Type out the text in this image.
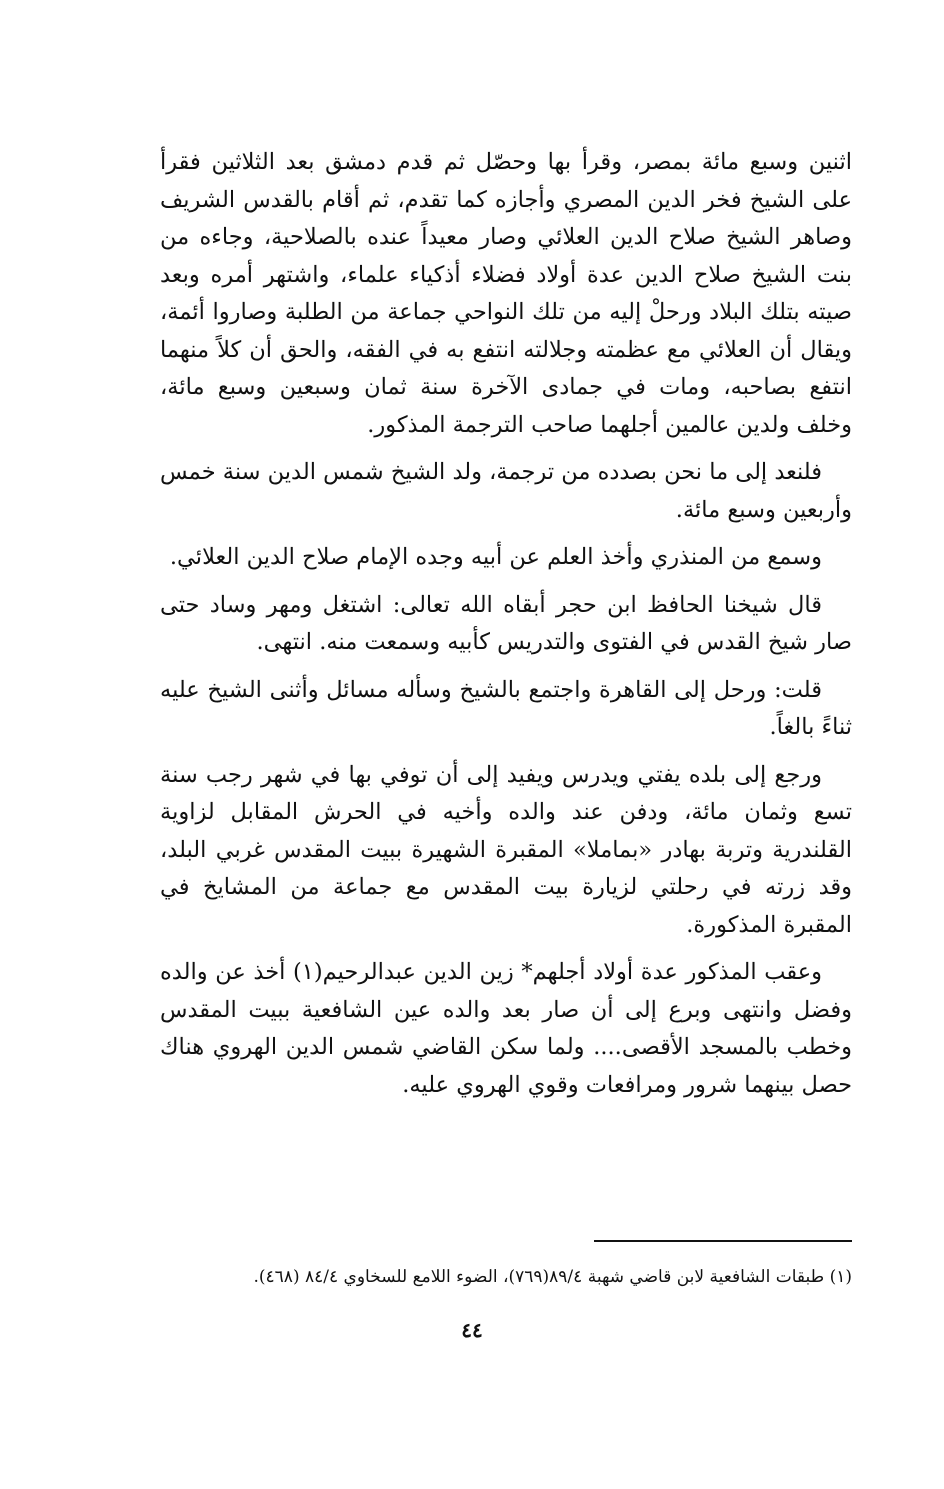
اثنين وسبع مائة بمصر، وقرأ بها وحصّل ثم قدم دمشق بعد الثلاثين فقرأ على الشيخ فخر الدين المصري وأجازه كما تقدم، ثم أقام بالقدس الشريف وصاهر الشيخ صلاح الدين العلائي وصار معيداً عنده بالصلاحية، وجاءه من بنت الشيخ صلاح الدين عدة أولاد فضلاء أذكياء علماء، واشتهر أمره وبعد صيته بتلك البلاد ورحلْ إليه من تلك النواحي جماعة من الطلبة وصاروا أئمة، ويقال أن العلائي مع عظمته وجلالته انتفع به في الفقه، والحق أن كلاً منهما انتفع بصاحبه، ومات في جمادى الآخرة سنة ثمان وسبعين وسبع مائة، وخلف ولدين عالمين أجلهما صاحب الترجمة المذكور.

فلنعد إلى ما نحن بصدده من ترجمة، ولد الشيخ شمس الدين سنة خمس وأربعين وسبع مائة.

وسمع من المنذري وأخذ العلم عن أبيه وجده الإمام صلاح الدين العلائي.

قال شيخنا الحافظ ابن حجر أبقاه الله تعالى: اشتغل ومهر وساد حتى صار شيخ القدس في الفتوى والتدريس كأبيه وسمعت منه. انتهى.

قلت: ورحل إلى القاهرة واجتمع بالشيخ وسأله مسائل وأثنى الشيخ عليه ثناءً بالغاً.

ورجع إلى بلده يفتي ويدرس ويفيد إلى أن توفي بها في شهر رجب سنة تسع وثمان مائة، ودفن عند والده وأخيه في الحرش المقابل لزاوية القلندرية وتربة بهادر «بماملا» المقبرة الشهيرة ببيت المقدس غربي البلد، وقد زرته في رحلتي لزيارة بيت المقدس مع جماعة من المشايخ في المقبرة المذكورة.

وعقب المذكور عدة أولاد أجلهم* زين الدين عبدالرحيم(١) أخذ عن والده وفضل وانتهى وبرع إلى أن صار بعد والده عين الشافعية ببيت المقدس وخطب بالمسجد الأقصى.... ولما سكن القاضي شمس الدين الهروي هناك حصل بينهما شرور ومرافعات وقوي الهروي عليه.

(١) طبقات الشافعية لابن قاضي شهبة ٨٩/٤(٧٦٩)، الضوء اللامع للسخاوي ٨٤/٤ (٤٦٨).
٤٤
